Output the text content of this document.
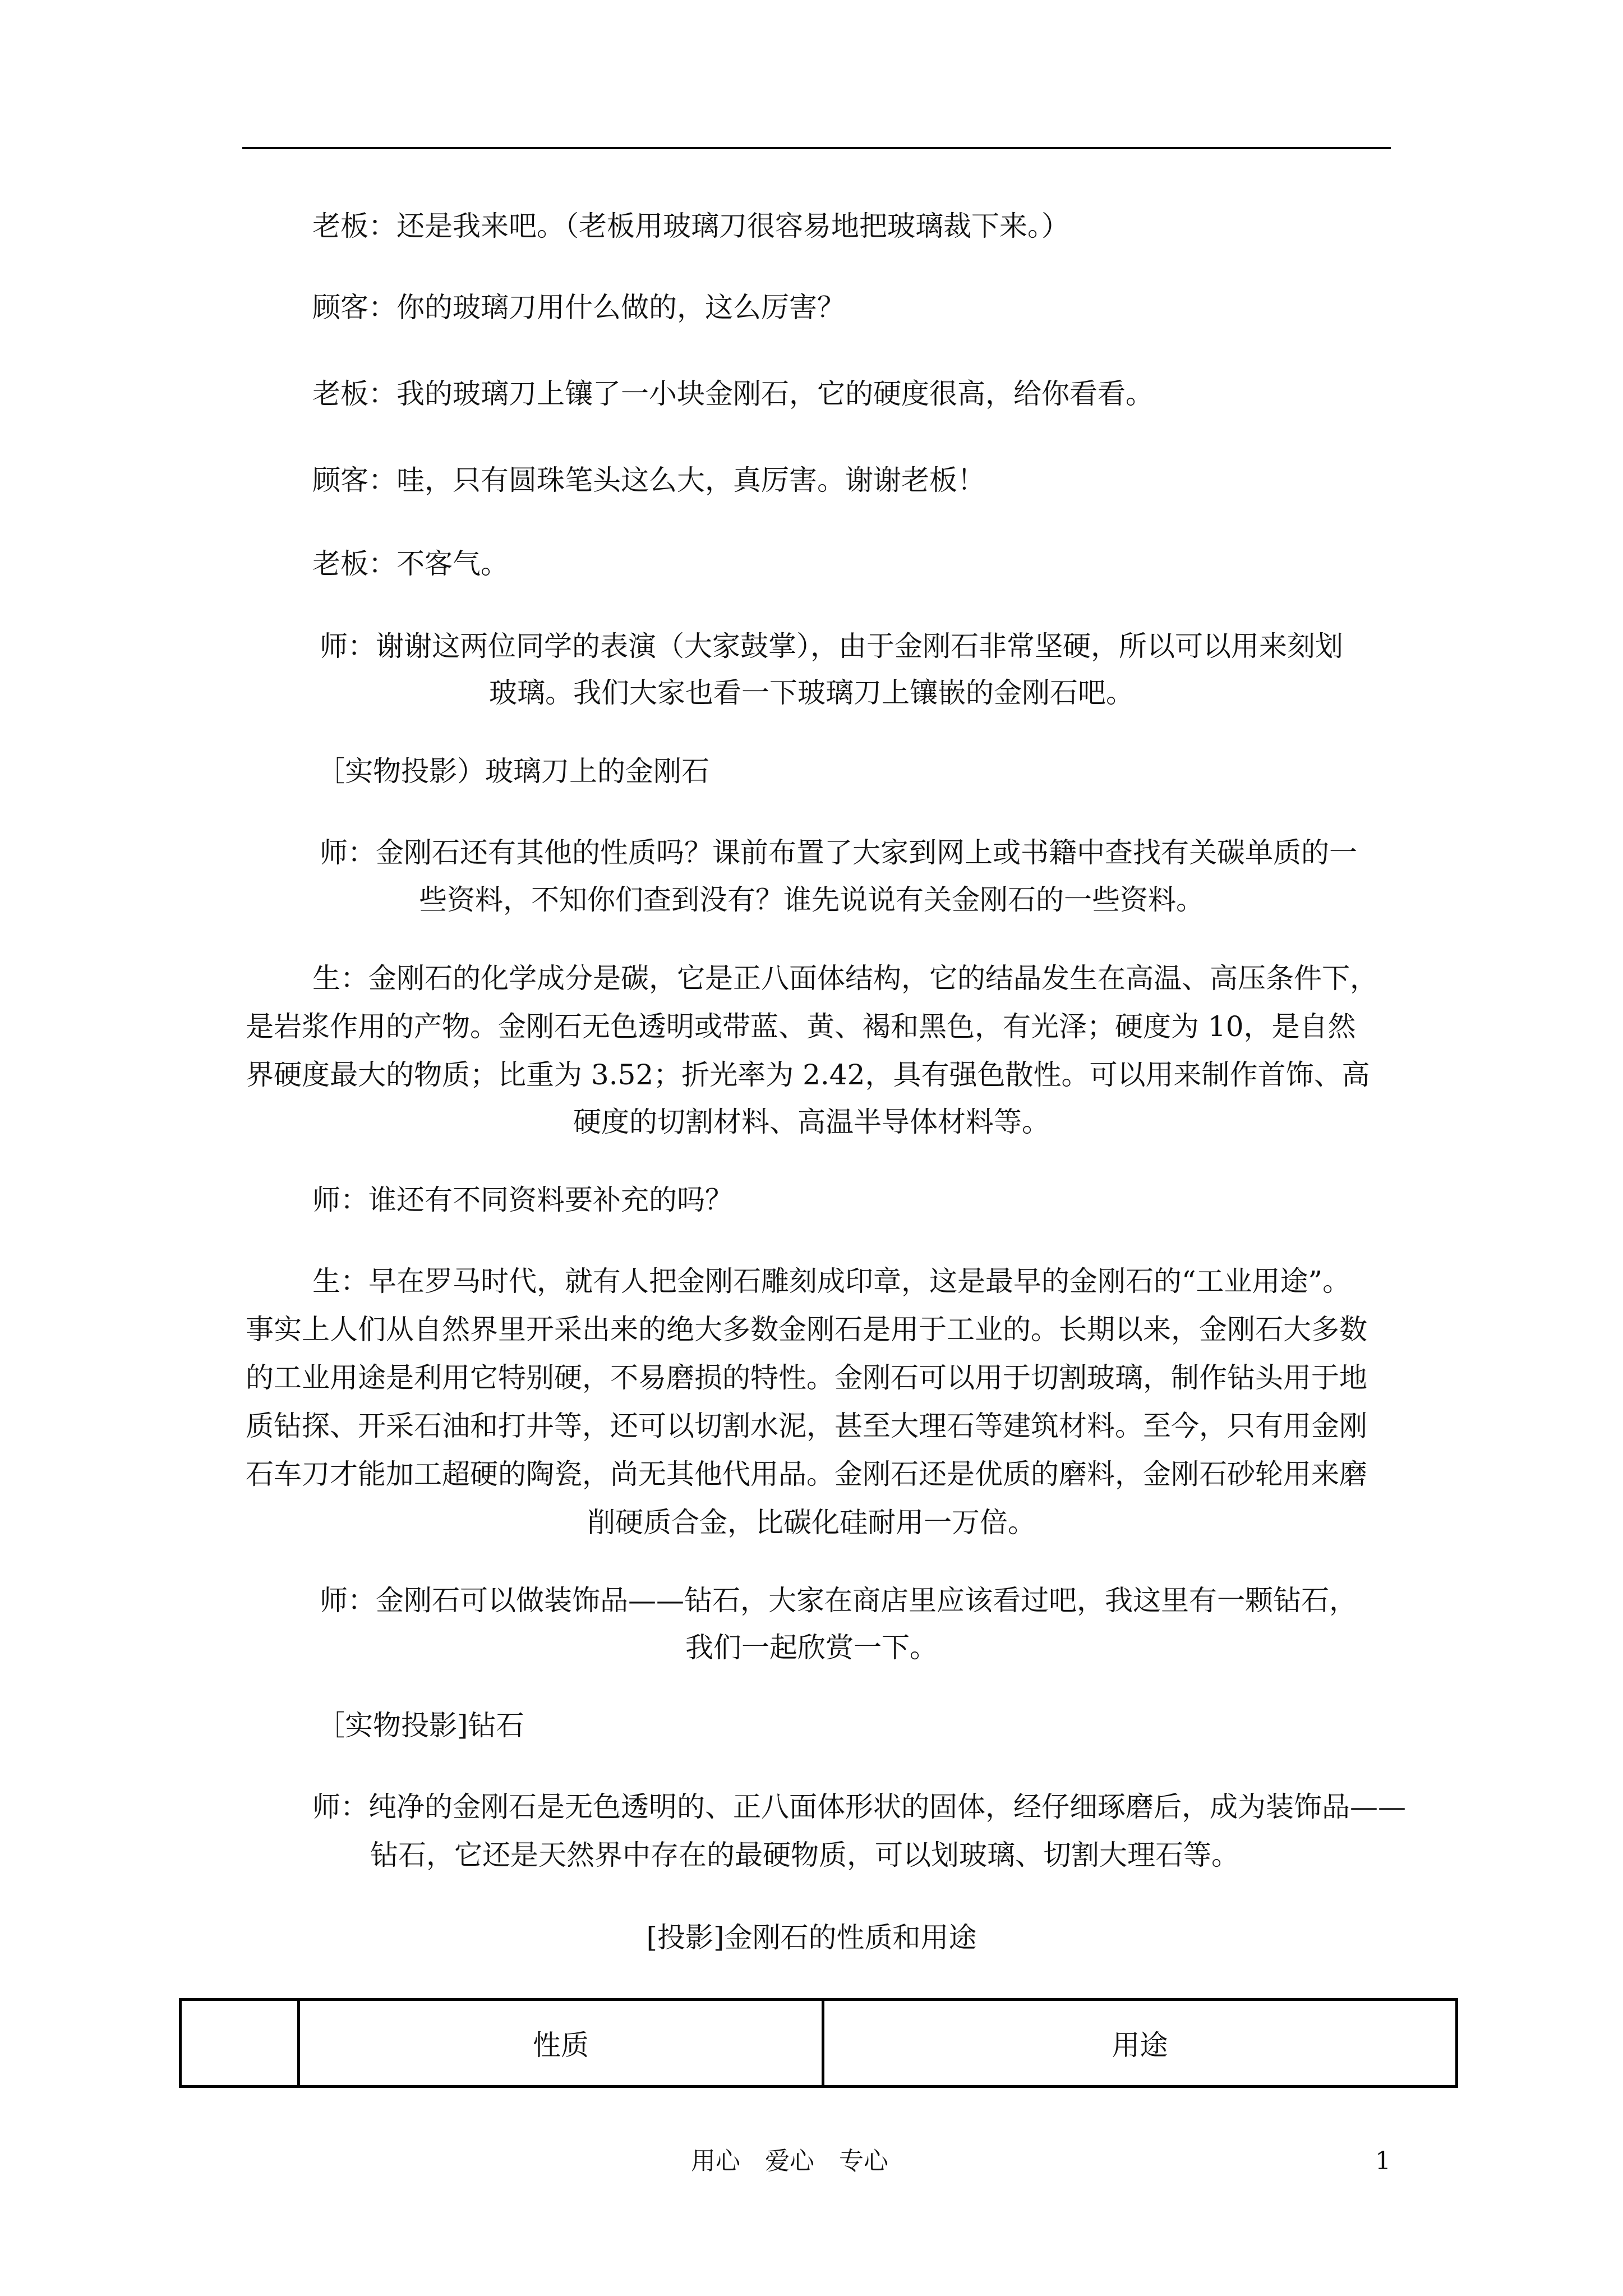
老板：还是我来吧。（老板用玻璃刀很容易地把玻璃裁下来。）
顾客：你的玻璃刀用什么做的，这么厉害？
老板：我的玻璃刀上镶了一小块金刚石，它的硬度很高，给你看看。
顾客：哇，只有圆珠笔头这么大，真厉害。谢谢老板！
老板：不客气。
师：谢谢这两位同学的表演（大家鼓掌），由于金刚石非常坚硬，所以可以用来刻划
玻璃。我们大家也看一下玻璃刀上镶嵌的金刚石吧。
［实物投影）玻璃刀上的金刚石
师：金刚石还有其他的性质吗？课前布置了大家到网上或书籍中查找有关碳单质的一
些资料，不知你们查到没有？谁先说说有关金刚石的一些资料。
生：金刚石的化学成分是碳，它是正八面体结构，它的结晶发生在高温、高压条件下，
是岩浆作用的产物。金刚石无色透明或带蓝、黄、褐和黑色，有光泽；硬度为 10，是自然
界硬度最大的物质；比重为 3.52；折光率为 2.42，具有强色散性。可以用来制作首饰、高
硬度的切割材料、高温半导体材料等。
师：谁还有不同资料要补充的吗？
生：早在罗马时代，就有人把金刚石雕刻成印章，这是最早的金刚石的“工业用途”。
事实上人们从自然界里开采出来的绝大多数金刚石是用于工业的。长期以来，金刚石大多数
的工业用途是利用它特别硬，不易磨损的特性。金刚石可以用于切割玻璃，制作钻头用于地
质钻探、开采石油和打井等，还可以切割水泥，甚至大理石等建筑材料。至今，只有用金刚
石车刀才能加工超硬的陶瓷，尚无其他代用品。金刚石还是优质的磨料，金刚石砂轮用来磨
削硬质合金，比碳化硅耐用一万倍。
师：金刚石可以做装饰品——钻石，大家在商店里应该看过吧，我这里有一颗钻石，
我们一起欣赏一下。
［实物投影]钻石
师：纯净的金刚石是无色透明的、正八面体形状的固体，经仔细琢磨后，成为装饰品——
钻石，它还是天然界中存在的最硬物质，可以划玻璃、切割大理石等。
[投影]金刚石的性质和用途
	性质	用途
用心　爱心　专心	1
